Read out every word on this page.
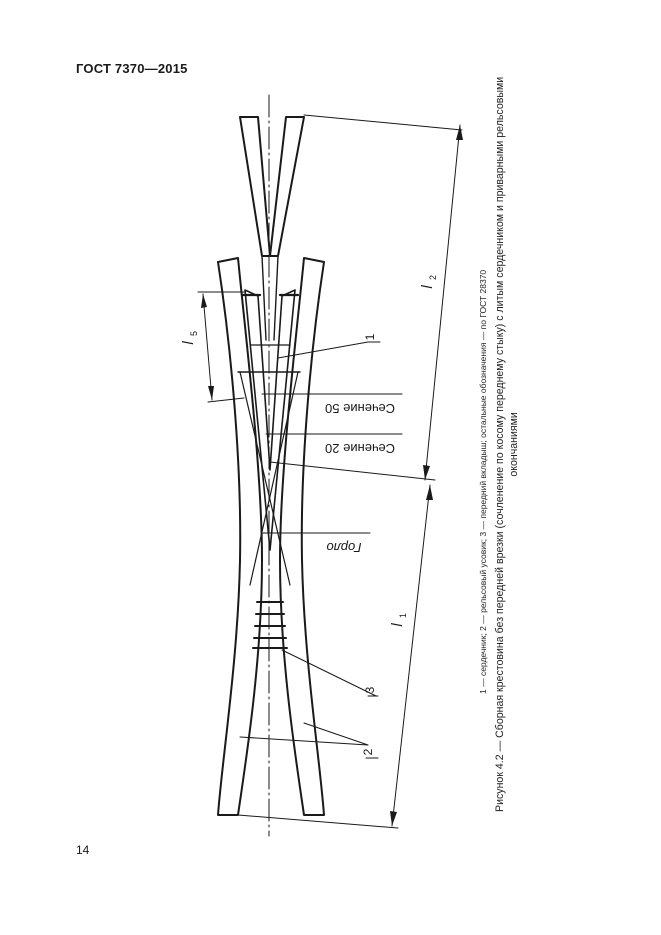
ГОСТ 7370—2015
Сечение 50
Сечение 20
Горло
l
2
l
1
l
5
1
3
2
1 — сердечник; 2 — рельсовый усовик; 3 — передний вкладыш; остальные обозначения — по ГОСТ 28370 Рисунок 4.2 — Сборная крестовина без передней врезки (сочленение по косому переднему стыку) с литым сердечником и приварными рельсовыми окончаниями
14
